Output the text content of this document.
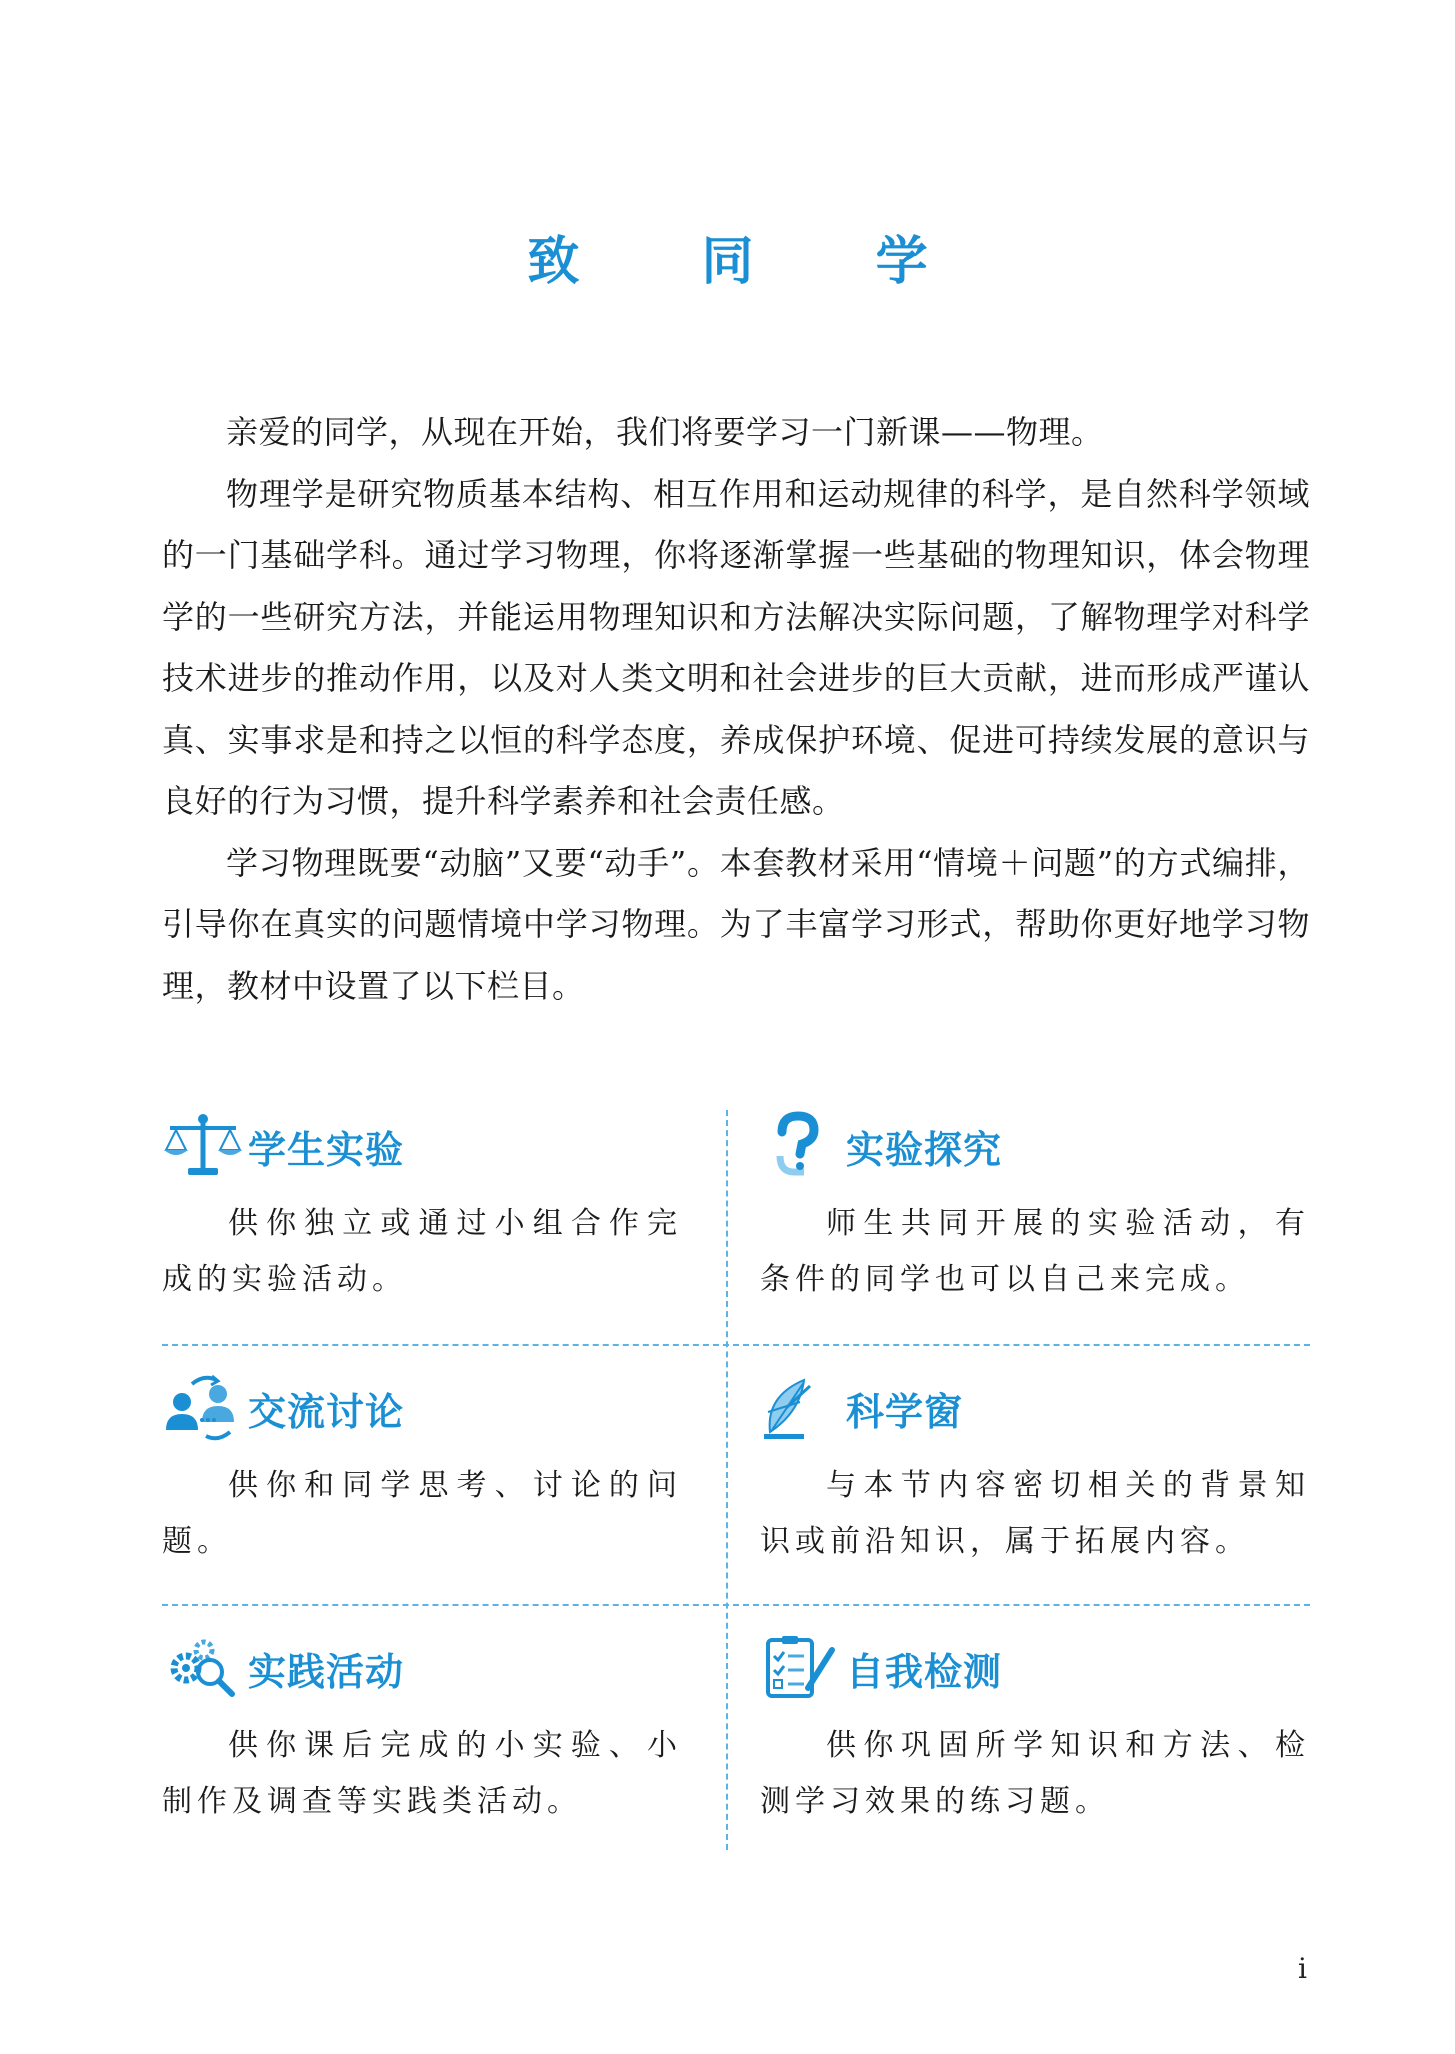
致 同 学

亲爱的同学，从现在开始，我们将要学习一门新课——物理。

物理学是研究物质基本结构、相互作用和运动规律的科学，是自然科学领域的一门基础学科。通过学习物理，你将逐渐掌握一些基础的物理知识，体会物理学的一些研究方法，并能运用物理知识和方法解决实际问题，了解物理学对科学技术进步的推动作用，以及对人类文明和社会进步的巨大贡献，进而形成严谨认真、实事求是和持之以恒的科学态度，养成保护环境、促进可持续发展的意识与良好的行为习惯，提升科学素养和社会责任感。

学习物理既要“动脑”又要“动手”。本套教材采用“情境＋问题”的方式编排，引导你在真实的问题情境中学习物理。为了丰富学习形式，帮助你更好地学习物理，教材中设置了以下栏目。

学生实验

供你独立或通过小组合作完成的实验活动。

实验探究

师生共同开展的实验活动，有条件的同学也可以自己来完成。

交流讨论

供你和同学思考、讨论的问题。

科学窗

与本节内容密切相关的背景知识或前沿知识，属于拓展内容。

实践活动

供你课后完成的小实验、小制作及调查等实践类活动。

自我检测

供你巩固所学知识和方法、检测学习效果的练习题。

i
